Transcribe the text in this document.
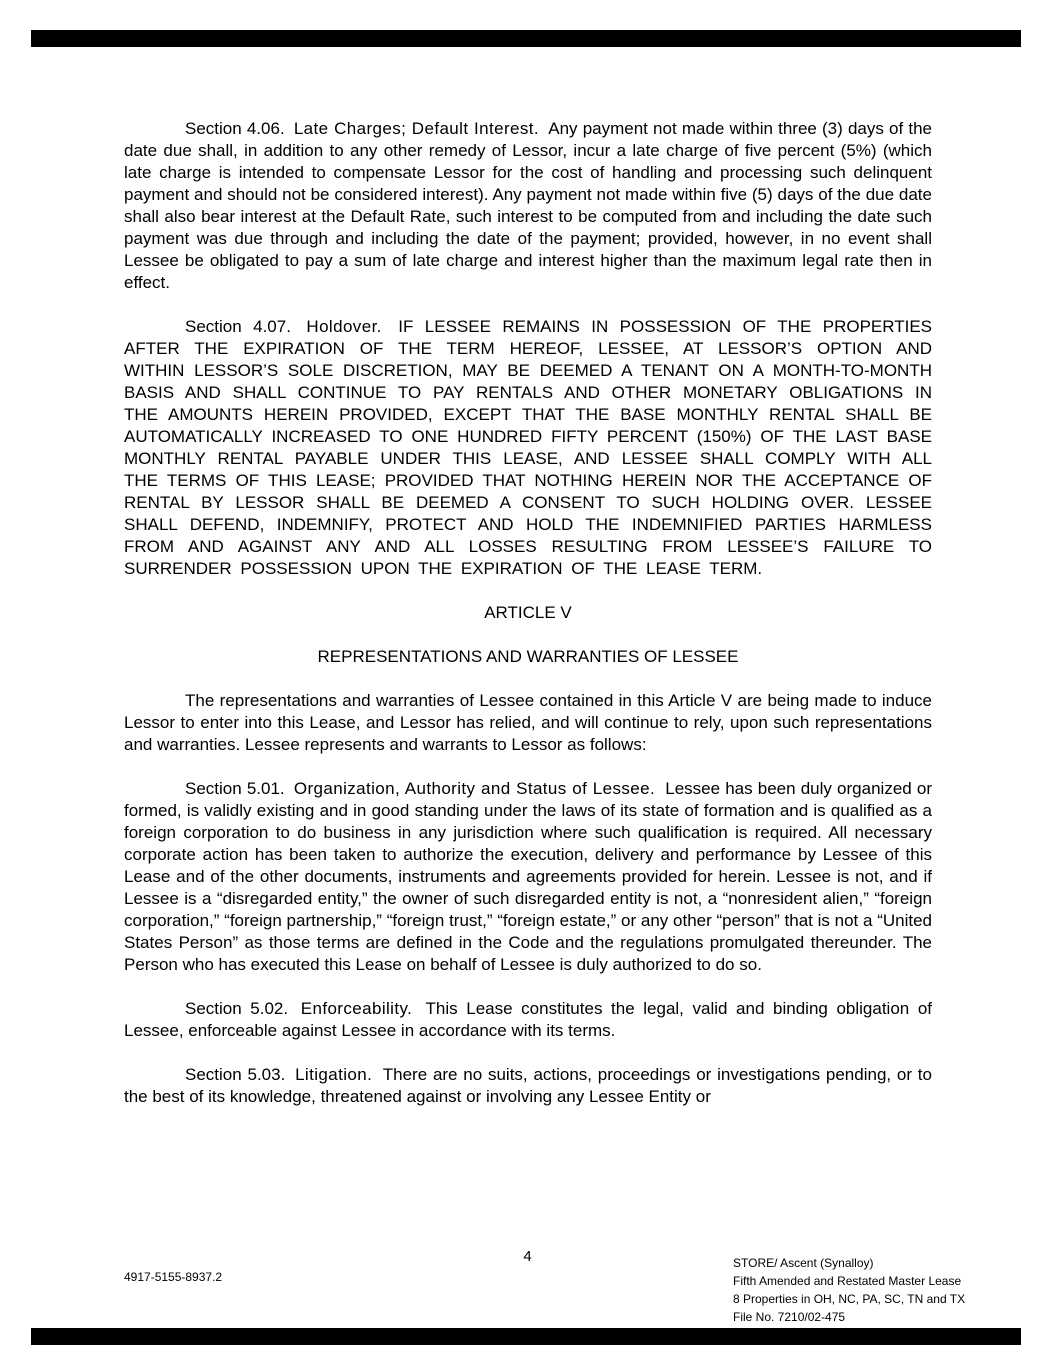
Section 4.06. Late Charges; Default Interest. Any payment not made within three (3) days of the date due shall, in addition to any other remedy of Lessor, incur a late charge of five percent (5%) (which late charge is intended to compensate Lessor for the cost of handling and processing such delinquent payment and should not be considered interest). Any payment not made within five (5) days of the due date shall also bear interest at the Default Rate, such interest to be computed from and including the date such payment was due through and including the date of the payment; provided, however, in no event shall Lessee be obligated to pay a sum of late charge and interest higher than the maximum legal rate then in effect.

Section 4.07. Holdover. IF LESSEE REMAINS IN POSSESSION OF THE PROPERTIES AFTER THE EXPIRATION OF THE TERM HEREOF, LESSEE, AT LESSOR’S OPTION AND WITHIN LESSOR’S SOLE DISCRETION, MAY BE DEEMED A TENANT ON A MONTH-TO-MONTH BASIS AND SHALL CONTINUE TO PAY RENTALS AND OTHER MONETARY OBLIGATIONS IN THE AMOUNTS HEREIN PROVIDED, EXCEPT THAT THE BASE MONTHLY RENTAL SHALL BE AUTOMATICALLY INCREASED TO ONE HUNDRED FIFTY PERCENT (150%) OF THE LAST BASE MONTHLY RENTAL PAYABLE UNDER THIS LEASE, AND LESSEE SHALL COMPLY WITH ALL THE TERMS OF THIS LEASE; PROVIDED THAT NOTHING HEREIN NOR THE ACCEPTANCE OF RENTAL BY LESSOR SHALL BE DEEMED A CONSENT TO SUCH HOLDING OVER. LESSEE SHALL DEFEND, INDEMNIFY, PROTECT AND HOLD THE INDEMNIFIED PARTIES HARMLESS FROM AND AGAINST ANY AND ALL LOSSES RESULTING FROM LESSEE’S FAILURE TO SURRENDER POSSESSION UPON THE EXPIRATION OF THE LEASE TERM.

ARTICLE V

REPRESENTATIONS AND WARRANTIES OF LESSEE

The representations and warranties of Lessee contained in this Article V are being made to induce Lessor to enter into this Lease, and Lessor has relied, and will continue to rely, upon such representations and warranties. Lessee represents and warrants to Lessor as follows:

Section 5.01. Organization, Authority and Status of Lessee. Lessee has been duly organized or formed, is validly existing and in good standing under the laws of its state of formation and is qualified as a foreign corporation to do business in any jurisdiction where such qualification is required. All necessary corporate action has been taken to authorize the execution, delivery and performance by Lessee of this Lease and of the other documents, instruments and agreements provided for herein. Lessee is not, and if Lessee is a “disregarded entity,” the owner of such disregarded entity is not, a “nonresident alien,” “foreign corporation,” “foreign partnership,” “foreign trust,” “foreign estate,” or any other “person” that is not a “United States Person” as those terms are defined in the Code and the regulations promulgated thereunder. The Person who has executed this Lease on behalf of Lessee is duly authorized to do so.

Section 5.02. Enforceability. This Lease constitutes the legal, valid and binding obligation of Lessee, enforceable against Lessee in accordance with its terms.

Section 5.03. Litigation. There are no suits, actions, proceedings or investigations pending, or to the best of its knowledge, threatened against or involving any Lessee Entity or

4917-5155-8937.2
4	STORE/ Ascent (Synalloy)
Fifth Amended and Restated Master Lease
8 Properties in OH, NC, PA, SC, TN and TX
File No. 7210/02-475
